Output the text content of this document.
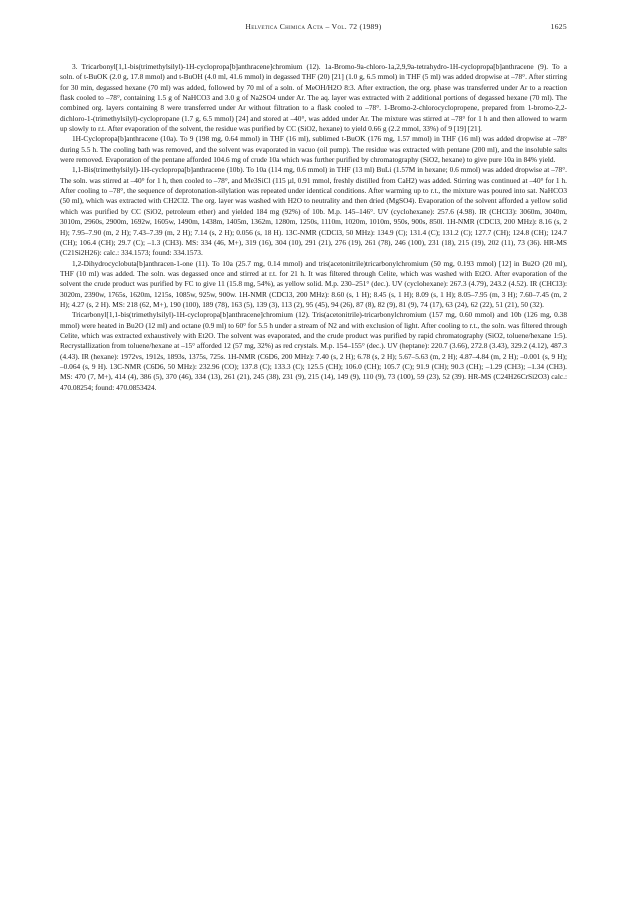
Helvetica Chimica Acta – Vol. 72 (1989)	1625

3. Tricarbonyl[1,1-bis(trimethylsilyl)-1H-cyclopropa[b]anthracene]chromium (12). 1a-Bromo-9a-chloro-1a,2,9,9a-tetrahydro-1H-cyclopropa[b]anthracene (9). To a soln. of t-BuOK (2.0 g, 17.8 mmol) and t-BuOH (4.0 ml, 41.6 mmol) in degassed THF (20) [21] (1.0 g, 6.5 mmol) in THF (5 ml) was added dropwise at –78°. After stirring for 30 min, degassed hexane (70 ml) was added, followed by 70 ml of a soln. of MeOH/H2O 8:3. After extraction, the org. phase was transferred under Ar to a reaction flask cooled to –78°, containing 1.5 g of NaHCO3 and 3.0 g of Na2SO4 under Ar. The aq. layer was extracted with 2 additional portions of degassed hexane (70 ml). The combined org. layers containing 8 were transferred under Ar without filtration to a flask cooled to –78°. 1-Bromo-2-chlorocyclopropene, prepared from 1-bromo-2,2-dichloro-1-(trimethylsilyl)-cyclopropane (1.7 g, 6.5 mmol) [24] and stored at –40°, was added under Ar. The mixture was stirred at –78° for 1 h and then allowed to warm up slowly to r.t. After evaporation of the solvent, the residue was purified by CC (SiO2, hexane) to yield 0.66 g (2.2 mmol, 33%) of 9 [19] [21].

1H-Cyclopropa[b]anthracene (10a). To 9 (198 mg, 0.64 mmol) in THF (16 ml), sublimed t-BuOK (176 mg, 1.57 mmol) in THF (16 ml) was added dropwise at –78° during 5.5 h. The cooling bath was removed, and the solvent was evaporated in vacuo (oil pump). The residue was extracted with pentane (200 ml), and the insoluble salts were removed. Evaporation of the pentane afforded 104.6 mg of crude 10a which was further purified by chromatography (SiO2, hexane) to give pure 10a in 84% yield.

1,1-Bis(trimethylsilyl)-1H-cyclopropa[b]anthracene (10b). To 10a (114 mg, 0.6 mmol) in THF (13 ml) BuLi (1.57M in hexane; 0.6 mmol) was added dropwise at –78°. The soln. was stirred at –40° for 1 h, then cooled to –78°, and Me3SiCl (115 µl, 0.91 mmol, freshly distilled from CaH2) was added. Stirring was continued at –40° for 1 h. After cooling to –78°, the sequence of deprotonation-silylation was repeated under identical conditions. After warming up to r.t., the mixture was poured into sat. NaHCO3 (50 ml), which was extracted with CH2Cl2. The org. layer was washed with H2O to neutrality and then dried (MgSO4). Evaporation of the solvent afforded a yellow solid which was purified by CC (SiO2, petroleum ether) and yielded 184 mg (92%) of 10b. M.p. 145–146°. UV (cyclohexane): 257.6 (4.98). IR (CHCl3): 3060m, 3040m, 3010m, 2960s, 2900m, 1692w, 1605w, 1490m, 1438m, 1405m, 1362m, 1280m, 1250s, 1110m, 1020m, 1010m, 950s, 900s, 850l. 1H-NMR (CDCl3, 200 MHz): 8.16 (s, 2 H); 7.95–7.90 (m, 2 H); 7.43–7.39 (m, 2 H); 7.14 (s, 2 H); 0.056 (s, 18 H). 13C-NMR (CDCl3, 50 MHz): 134.9 (C); 131.4 (C); 131.2 (C); 127.7 (CH); 124.8 (CH); 124.7 (CH); 106.4 (CH); 29.7 (C); –1.3 (CH3). MS: 334 (46, M+), 319 (16), 304 (10), 291 (21), 276 (19), 261 (78), 246 (100), 231 (18), 215 (19), 202 (11), 73 (36). HR-MS (C21Si2H26): calc.: 334.1573; found: 334.1573.

1,2-Dihydrocyclobuta[b]anthracen-1-one (11). To 10a (25.7 mg, 0.14 mmol) and tris(acetonitrile)tricarbonylchromium (50 mg, 0.193 mmol) [12] in Bu2O (20 ml), THF (10 ml) was added. The soln. was degassed once and stirred at r.t. for 21 h. It was filtered through Celite, which was washed with Et2O. After evaporation of the solvent the crude product was purified by FC to give 11 (15.8 mg, 54%), as yellow solid. M.p. 230–251° (dec.). UV (cyclohexane): 267.3 (4.79), 243.2 (4.52). IR (CHCl3): 3020m, 2390w, 1765s, 1620m, 1215s, 1085w, 925w, 900w. 1H-NMR (CDCl3, 200 MHz): 8.60 (s, 1 H); 8.45 (s, 1 H); 8.09 (s, 1 H); 8.05–7.95 (m, 3 H); 7.60–7.45 (m, 2 H); 4.27 (s, 2 H). MS: 218 (62, M+), 190 (100), 189 (78), 163 (5), 139 (3), 113 (2), 95 (45), 94 (26), 87 (8), 82 (9), 81 (9), 74 (17), 63 (24), 62 (22), 51 (21), 50 (32).

Tricarbonyl[1,1-bis(trimethylsilyl)-1H-cyclopropa[b]anthracene]chromium (12). Tris(acetonitrile)-tricarbonylchromium (157 mg, 0.60 mmol) and 10b (126 mg, 0.38 mmol) were heated in Bu2O (12 ml) and octane (0.9 ml) to 60° for 5.5 h under a stream of N2 and with exclusion of light. After cooling to r.t., the soln. was filtered through Celite, which was extracted exhaustively with Et2O. The solvent was evaporated, and the crude product was purified by rapid chromatography (SiO2, toluene/hexane 1:5). Recrystallization from toluene/hexane at –15° afforded 12 (57 mg, 32%) as red crystals. M.p. 154–155° (dec.). UV (heptane): 220.7 (3.66), 272.8 (3.43), 329.2 (4.12), 487.3 (4.43). IR (hexane): 1972vs, 1912s, 1893s, 1375s, 725s. 1H-NMR (C6D6, 200 MHz): 7.40 (s, 2 H); 6.78 (s, 2 H); 5.67–5.63 (m, 2 H); 4.87–4.84 (m, 2 H); –0.001 (s, 9 H); –0.064 (s, 9 H). 13C-NMR (C6D6, 50 MHz): 232.96 (CO); 137.8 (C); 133.3 (C); 125.5 (CH); 106.0 (CH); 105.7 (C); 91.9 (CH); 90.3 (CH); –1.29 (CH3); –1.34 (CH3). MS: 470 (7, M+), 414 (4), 386 (5), 370 (46), 334 (13), 261 (21), 245 (38), 231 (9), 215 (14), 149 (9), 110 (9), 73 (100), 59 (23), 52 (39). HR-MS (C24H26CrSi2O3) calc.: 470.08254; found: 470.0853424.
